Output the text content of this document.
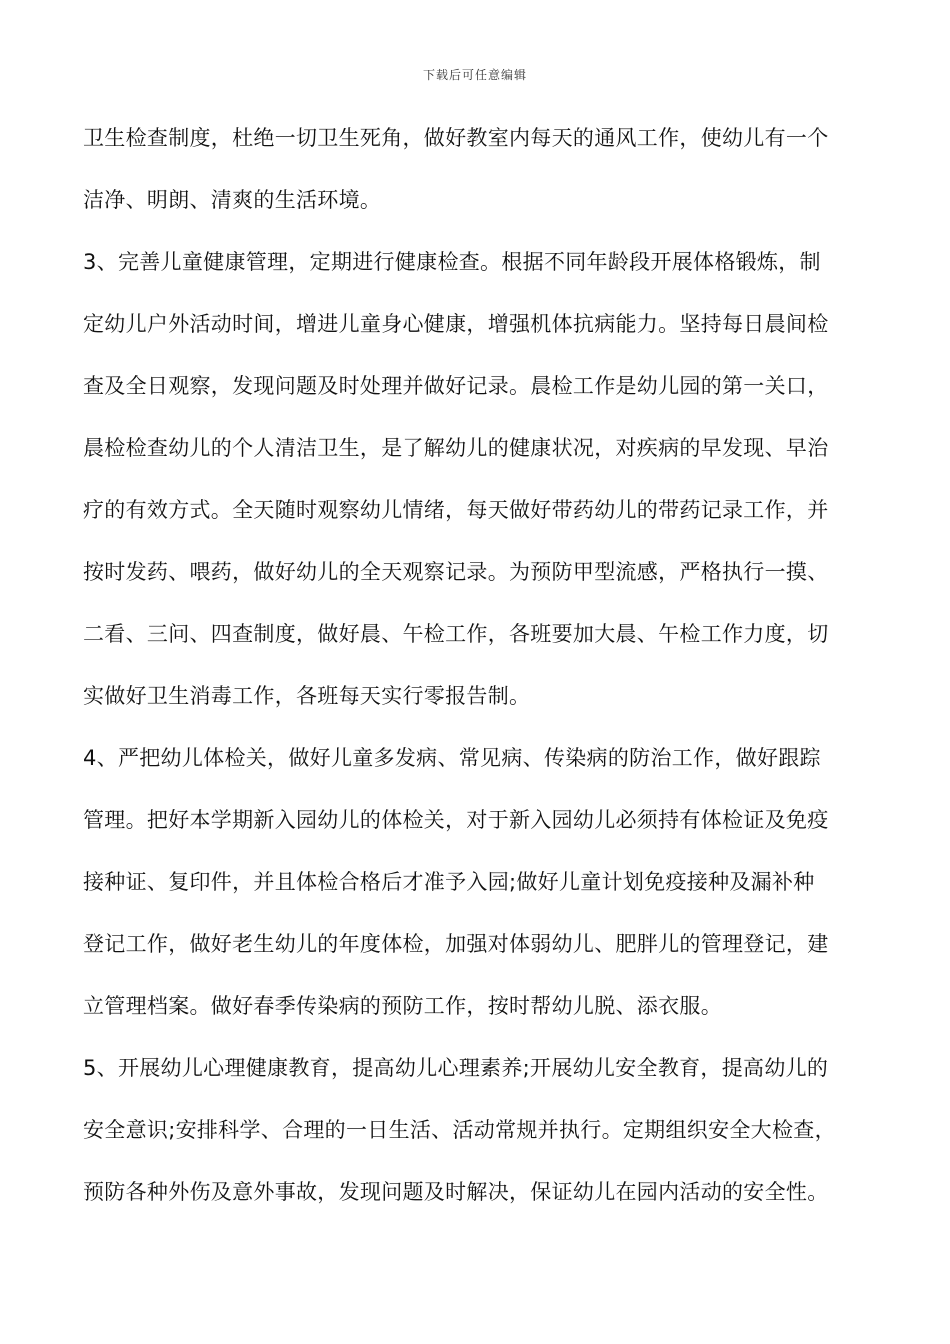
下载后可任意编辑
卫生检查制度，杜绝一切卫生死角，做好教室内每天的通风工作，使幼儿有一个
洁净、明朗、清爽的生活环境。
3、完善儿童健康管理，定期进行健康检查。根据不同年龄段开展体格锻炼，制
定幼儿户外活动时间，增进儿童身心健康，增强机体抗病能力。坚持每日晨间检
查及全日观察，发现问题及时处理并做好记录。晨检工作是幼儿园的第一关口，
晨检检查幼儿的个人清洁卫生，是了解幼儿的健康状况，对疾病的早发现、早治
疗的有效方式。全天随时观察幼儿情绪，每天做好带药幼儿的带药记录工作，并
按时发药、喂药，做好幼儿的全天观察记录。为预防甲型流感，严格执行一摸、
二看、三问、四查制度，做好晨、午检工作，各班要加大晨、午检工作力度，切
实做好卫生消毒工作，各班每天实行零报告制。
4、严把幼儿体检关，做好儿童多发病、常见病、传染病的防治工作，做好跟踪
管理。把好本学期新入园幼儿的体检关，对于新入园幼儿必须持有体检证及免疫
接种证、复印件，并且体检合格后才准予入园;做好儿童计划免疫接种及漏补种
登记工作，做好老生幼儿的年度体检，加强对体弱幼儿、肥胖儿的管理登记，建
立管理档案。做好春季传染病的预防工作，按时帮幼儿脱、添衣服。
5、开展幼儿心理健康教育，提高幼儿心理素养;开展幼儿安全教育，提高幼儿的
安全意识;安排科学、合理的一日生活、活动常规并执行。定期组织安全大检查，
预防各种外伤及意外事故，发现问题及时解决，保证幼儿在园内活动的安全性。
